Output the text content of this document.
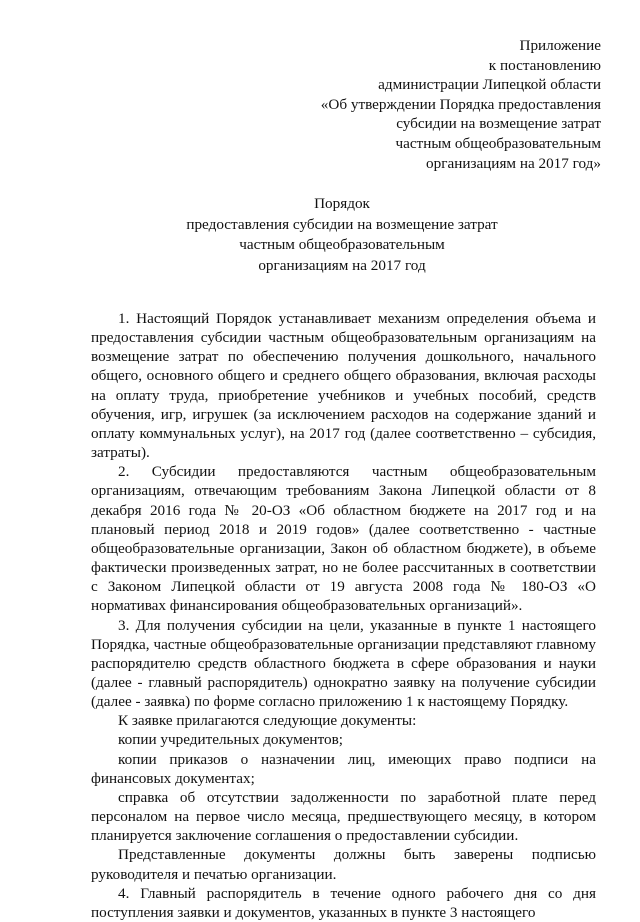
Приложение
к постановлению
администрации Липецкой области
«Об утверждении Порядка предоставления
субсидии на возмещение затрат
частным общеобразовательным
организациям на 2017 год»
Порядок
предоставления субсидии на возмещение затрат
частным общеобразовательным
организациям на 2017 год

1. Настоящий Порядок устанавливает механизм определения объема и предоставления субсидии частным общеобразовательным организациям на возмещение затрат по обеспечению получения дошкольного, начального общего, основного общего и среднего общего образования, включая расходы на оплату труда, приобретение учебников и учебных пособий, средств обучения, игр, игрушек (за исключением расходов на содержание зданий и оплату коммунальных услуг), на 2017 год (далее соответственно – субсидия, затраты).

2. Субсидии предоставляются частным общеобразовательным организациям, отвечающим требованиям Закона Липецкой области от 8 декабря 2016 года № 20-ОЗ «Об областном бюджете на 2017 год и на плановый период 2018 и 2019 годов» (далее соответственно - частные общеобразовательные организации, Закон об областном бюджете), в объеме фактически произведенных затрат, но не более рассчитанных в соответствии с Законом Липецкой области от 19 августа 2008 года № 180-ОЗ «О нормативах финансирования общеобразовательных организаций».

3. Для получения субсидии на цели, указанные в пункте 1 настоящего Порядка, частные общеобразовательные организации представляют главному распорядителю средств областного бюджета в сфере образования и науки (далее - главный распорядитель) однократно заявку на получение субсидии (далее - заявка) по форме согласно приложению 1 к настоящему Порядку.

К заявке прилагаются следующие документы:

копии учредительных документов;

копии приказов о назначении лиц, имеющих право подписи на финансовых документах;

справка об отсутствии задолженности по заработной плате перед персоналом на первое число месяца, предшествующего месяцу, в котором планируется заключение соглашения о предоставлении субсидии.

Представленные документы должны быть заверены подписью руководителя и печатью организации.

4. Главный распорядитель в течение одного рабочего дня со дня поступления заявки и документов, указанных в пункте 3 настоящего
